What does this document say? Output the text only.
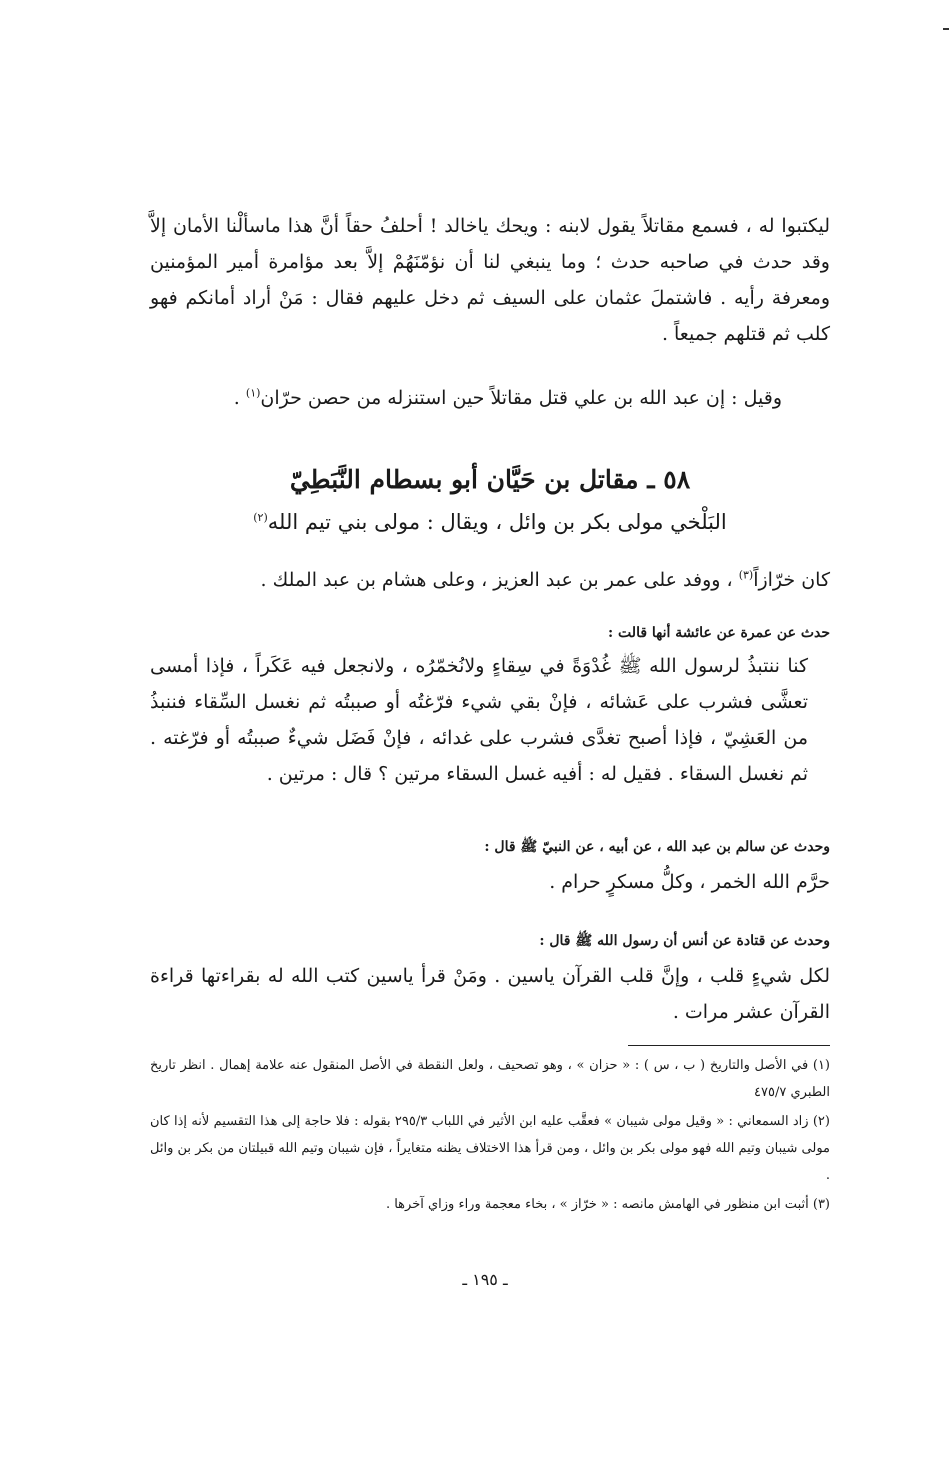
ليكتبوا له ، فسمع مقاتلاً يقول لابنه : ويحك ياخالد ! أحلفُ حقاً أنَّ هذا ماسألْنا الأمان إلاَّ وقد حدث في صاحبه حدث ؛ وما ينبغي لنا أن نؤمّنَهُمْ إلاَّ بعد مؤامرة أمير المؤمنين ومعرفة رأيه . فاشتملَ عثمان على السيف ثم دخل عليهم فقال : مَنْ أراد أمانكم فهو كلب ثم قتلهم جميعاً .
وقيل : إن عبد الله بن علي قتل مقاتلاً حين استنزله من حصن حرّان$^{(١)}$ .
٥٨ ـ مقاتل بن حَيَّان أبو بسطام النَّبَطِيّ
البَلْخي مولى بكر بن وائل ، ويقال : مولى بني تيم الله$^{(٢)}$
كان خرّازاً$^{(٣)}$ ، ووفد على عمر بن عبد العزيز ، وعلى هشام بن عبد الملك .
حدث عن عمرة عن عائشة أنها قالت :
كنا ننتبذُ لرسول الله ﷺ غُدْوَةً في سِقاءٍ ولانُخمّرُه ، ولانجعل فيه عَكَراً ، فإذا أمسى تعشَّى فشرب على عَشائه ، فإنْ بقي شيء فرّغتُه أو صببتُه ثم نغسل السِّقاء فننبذُ من العَشِيّ ، فإذا أصبح تغدَّى فشرب على غدائه ، فإنْ فَضَل شيءٌ صببتُه أو فرّغته . ثم نغسل السقاء . فقيل له : أفيه غسل السقاء مرتين ؟ قال : مرتين .
وحدث عن سالم بن عبد الله ، عن أبيه ، عن النبيّ ﷺ قال :
حرَّم الله الخمر ، وكلُّ مسكرٍ حرام .
وحدث عن قتادة عن أنس أن رسول الله ﷺ قال :
لكل شيءٍ قلب ، وإنَّ قلب القرآن ياسين . ومَنْ قرأ ياسين كتب الله له بقراءتها قراءة القرآن عشر مرات .

(١) في الأصل والتاريخ ( ب ، س ) : « حزان » ، وهو تصحيف ، ولعل النقطة في الأصل المنقول عنه علامة إهمال . انظر تاريخ الطبري ٤٧٥/٧

(٢) زاد السمعاني : « وقيل مولى شيبان » فعقَّب عليه ابن الأثير في اللباب ٢٩٥/٣ بقوله : فلا حاجة إلى هذا التقسيم لأنه إذا كان مولى شيبان وتيم الله فهو مولى بكر بن وائل ، ومن قرأ هذا الاختلاف يظنه متغايراً ، فإن شيبان وتيم الله قبيلتان من بكر بن وائل .

(٣) أثبت ابن منظور في الهامش مانصه : « خرّاز » ، بخاء معجمة وراء وزاي آخرها .

ـ ١٩٥ ـ
